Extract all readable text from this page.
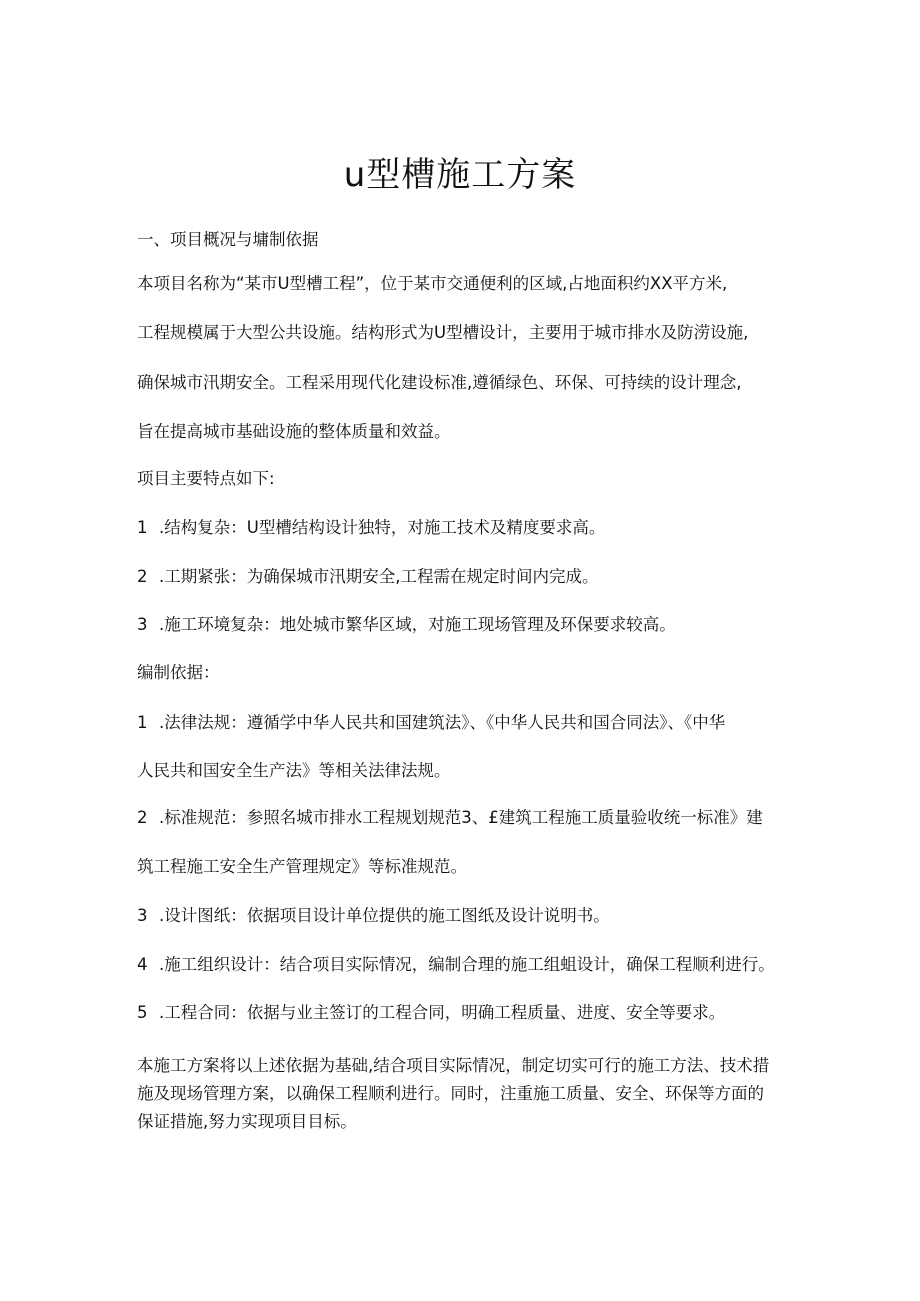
u型槽施工方案
一、项目概况与墉制依据
本项目名称为“某市U型槽工程”，位于某市交通便利的区域,占地面积约XX平方米,
工程规模属于大型公共设施。结构形式为U型槽设计，主要用于城市排水及防涝设施,
确保城市汛期安全。工程采用现代化建设标准,遵循绿色、环保、可持续的设计理念,
旨在提高城市基础设施的整体质量和效益。
项目主要特点如下:
1 .结构复杂：U型槽结构设计独特，对施工技术及精度要求高。
2 .工期紧张：为确保城市汛期安全,工程需在规定时间内完成。
3 .施工环境复杂：地处城市繁华区域，对施工现场管理及环保要求较高。
编制依据：
1 .法律法规：遵循学中华人民共和国建筑法》、《中华人民共和国合同法》、《中华
人民共和国安全生产法》等相关法律法规。
2 .标准规范：参照名城市排水工程规划规范3、£建筑工程施工质量验收统一标准》建
筑工程施工安全生产管理规定》等标准规范。
3 .设计图纸：依据项目设计单位提供的施工图纸及设计说明书。
4 .施工组织设计：结合项目实际情况，编制合理的施工组蛆设计，确保工程顺利进行。
5 .工程合同：依据与业主签订的工程合同，明确工程质量、进度、安全等要求。
本施工方案将以上述依据为基础,结合项目实际情况，制定切实可行的施工方法、技术措
施及现场管理方案，以确保工程顺利进行。同时，注重施工质量、安全、环保等方面的
保证措施,努力实现项目目标。
